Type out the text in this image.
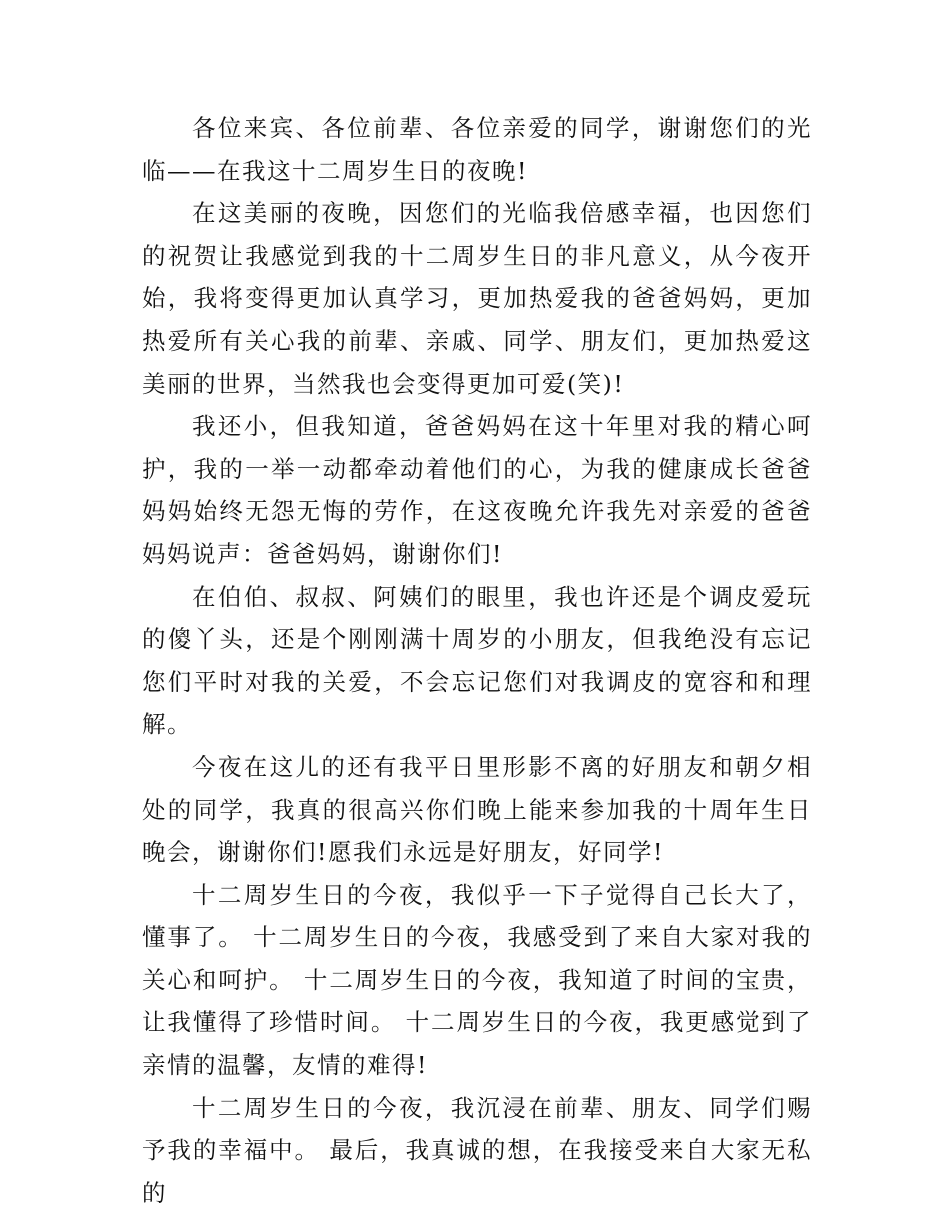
各位来宾、各位前辈、各位亲爱的同学，谢谢您们的光临——在我这十二周岁生日的夜晚!

在这美丽的夜晚，因您们的光临我倍感幸福，也因您们的祝贺让我感觉到我的十二周岁生日的非凡意义，从今夜开始，我将变得更加认真学习，更加热爱我的爸爸妈妈，更加热爱所有关心我的前辈、亲戚、同学、朋友们，更加热爱这美丽的世界，当然我也会变得更加可爱(笑)!

我还小，但我知道，爸爸妈妈在这十年里对我的精心呵护，我的一举一动都牵动着他们的心，为我的健康成长爸爸妈妈始终无怨无悔的劳作，在这夜晚允许我先对亲爱的爸爸妈妈说声：爸爸妈妈，谢谢你们!

在伯伯、叔叔、阿姨们的眼里，我也许还是个调皮爱玩的傻丫头，还是个刚刚满十周岁的小朋友，但我绝没有忘记您们平时对我的关爱，不会忘记您们对我调皮的宽容和和理解。

今夜在这儿的还有我平日里形影不离的好朋友和朝夕相处的同学，我真的很高兴你们晚上能来参加我的十周年生日晚会，谢谢你们!愿我们永远是好朋友，好同学!

十二周岁生日的今夜，我似乎一下子觉得自己长大了，懂事了。 十二周岁生日的今夜，我感受到了来自大家对我的关心和呵护。 十二周岁生日的今夜，我知道了时间的宝贵，让我懂得了珍惜时间。 十二周岁生日的今夜，我更感觉到了亲情的温馨，友情的难得!

十二周岁生日的今夜，我沉浸在前辈、朋友、同学们赐予我的幸福中。 最后，我真诚的想，在我接受来自大家无私的
